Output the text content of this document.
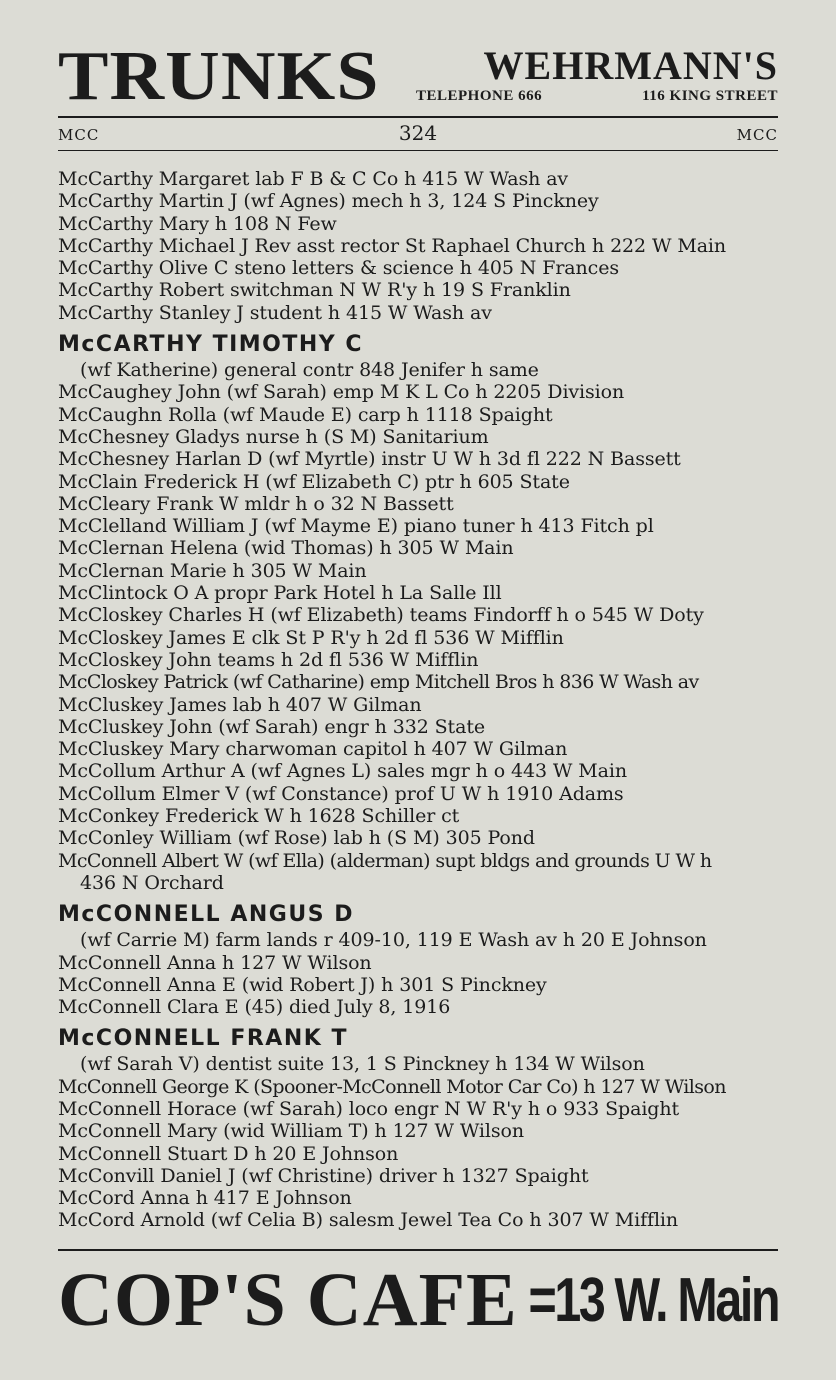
TRUNKS	WEHRMANN'S
TELEPHONE 666	116 KING STREET
MCC	324	MCC
McCarthy Margaret lab F B & C Co h 415 W Wash av
McCarthy Martin J (wf Agnes) mech h 3, 124 S Pinckney
McCarthy Mary h 108 N Few
McCarthy Michael J Rev asst rector St Raphael Church h 222 W Main
McCarthy Olive C steno letters & science h 405 N Frances
McCarthy Robert switchman N W R'y h 19 S Franklin
McCarthy Stanley J student h 415 W Wash av
McCARTHY TIMOTHY C
(wf Katherine) general contr 848 Jenifer h same
McCaughey John (wf Sarah) emp M K L Co h 2205 Division
McCaughn Rolla (wf Maude E) carp h 1118 Spaight
McChesney Gladys nurse h (S M) Sanitarium
McChesney Harlan D (wf Myrtle) instr U W h 3d fl 222 N Bassett
McClain Frederick H (wf Elizabeth C) ptr h 605 State
McCleary Frank W mldr h o 32 N Bassett
McClelland William J (wf Mayme E) piano tuner h 413 Fitch pl
McClernan Helena (wid Thomas) h 305 W Main
McClernan Marie h 305 W Main
McClintock O A propr Park Hotel h La Salle Ill
McCloskey Charles H (wf Elizabeth) teams Findorff h o 545 W Doty
McCloskey James E clk St P R'y h 2d fl 536 W Mifflin
McCloskey John teams h 2d fl 536 W Mifflin
McCloskey Patrick (wf Catharine) emp Mitchell Bros h 836 W Wash av
McCluskey James lab h 407 W Gilman
McCluskey John (wf Sarah) engr h 332 State
McCluskey Mary charwoman capitol h 407 W Gilman
McCollum Arthur A (wf Agnes L) sales mgr h o 443 W Main
McCollum Elmer V (wf Constance) prof U W h 1910 Adams
McConkey Frederick W h 1628 Schiller ct
McConley William (wf Rose) lab h (S M) 305 Pond
McConnell Albert W (wf Ella) (alderman) supt bldgs and grounds U W h
436 N Orchard
McCONNELL ANGUS D
(wf Carrie M) farm lands r 409-10, 119 E Wash av h 20 E Johnson
McConnell Anna h 127 W Wilson
McConnell Anna E (wid Robert J) h 301 S Pinckney
McConnell Clara E (45) died July 8, 1916
McCONNELL FRANK T
(wf Sarah V) dentist suite 13, 1 S Pinckney h 134 W Wilson
McConnell George K (Spooner-McConnell Motor Car Co) h 127 W Wilson
McConnell Horace (wf Sarah) loco engr N W R'y h o 933 Spaight
McConnell Mary (wid William T) h 127 W Wilson
McConnell Stuart D h 20 E Johnson
McConvill Daniel J (wf Christine) driver h 1327 Spaight
McCord Anna h 417 E Johnson
McCord Arnold (wf Celia B) salesm Jewel Tea Co h 307 W Mifflin
COP'S CAFE =13 W. Main
